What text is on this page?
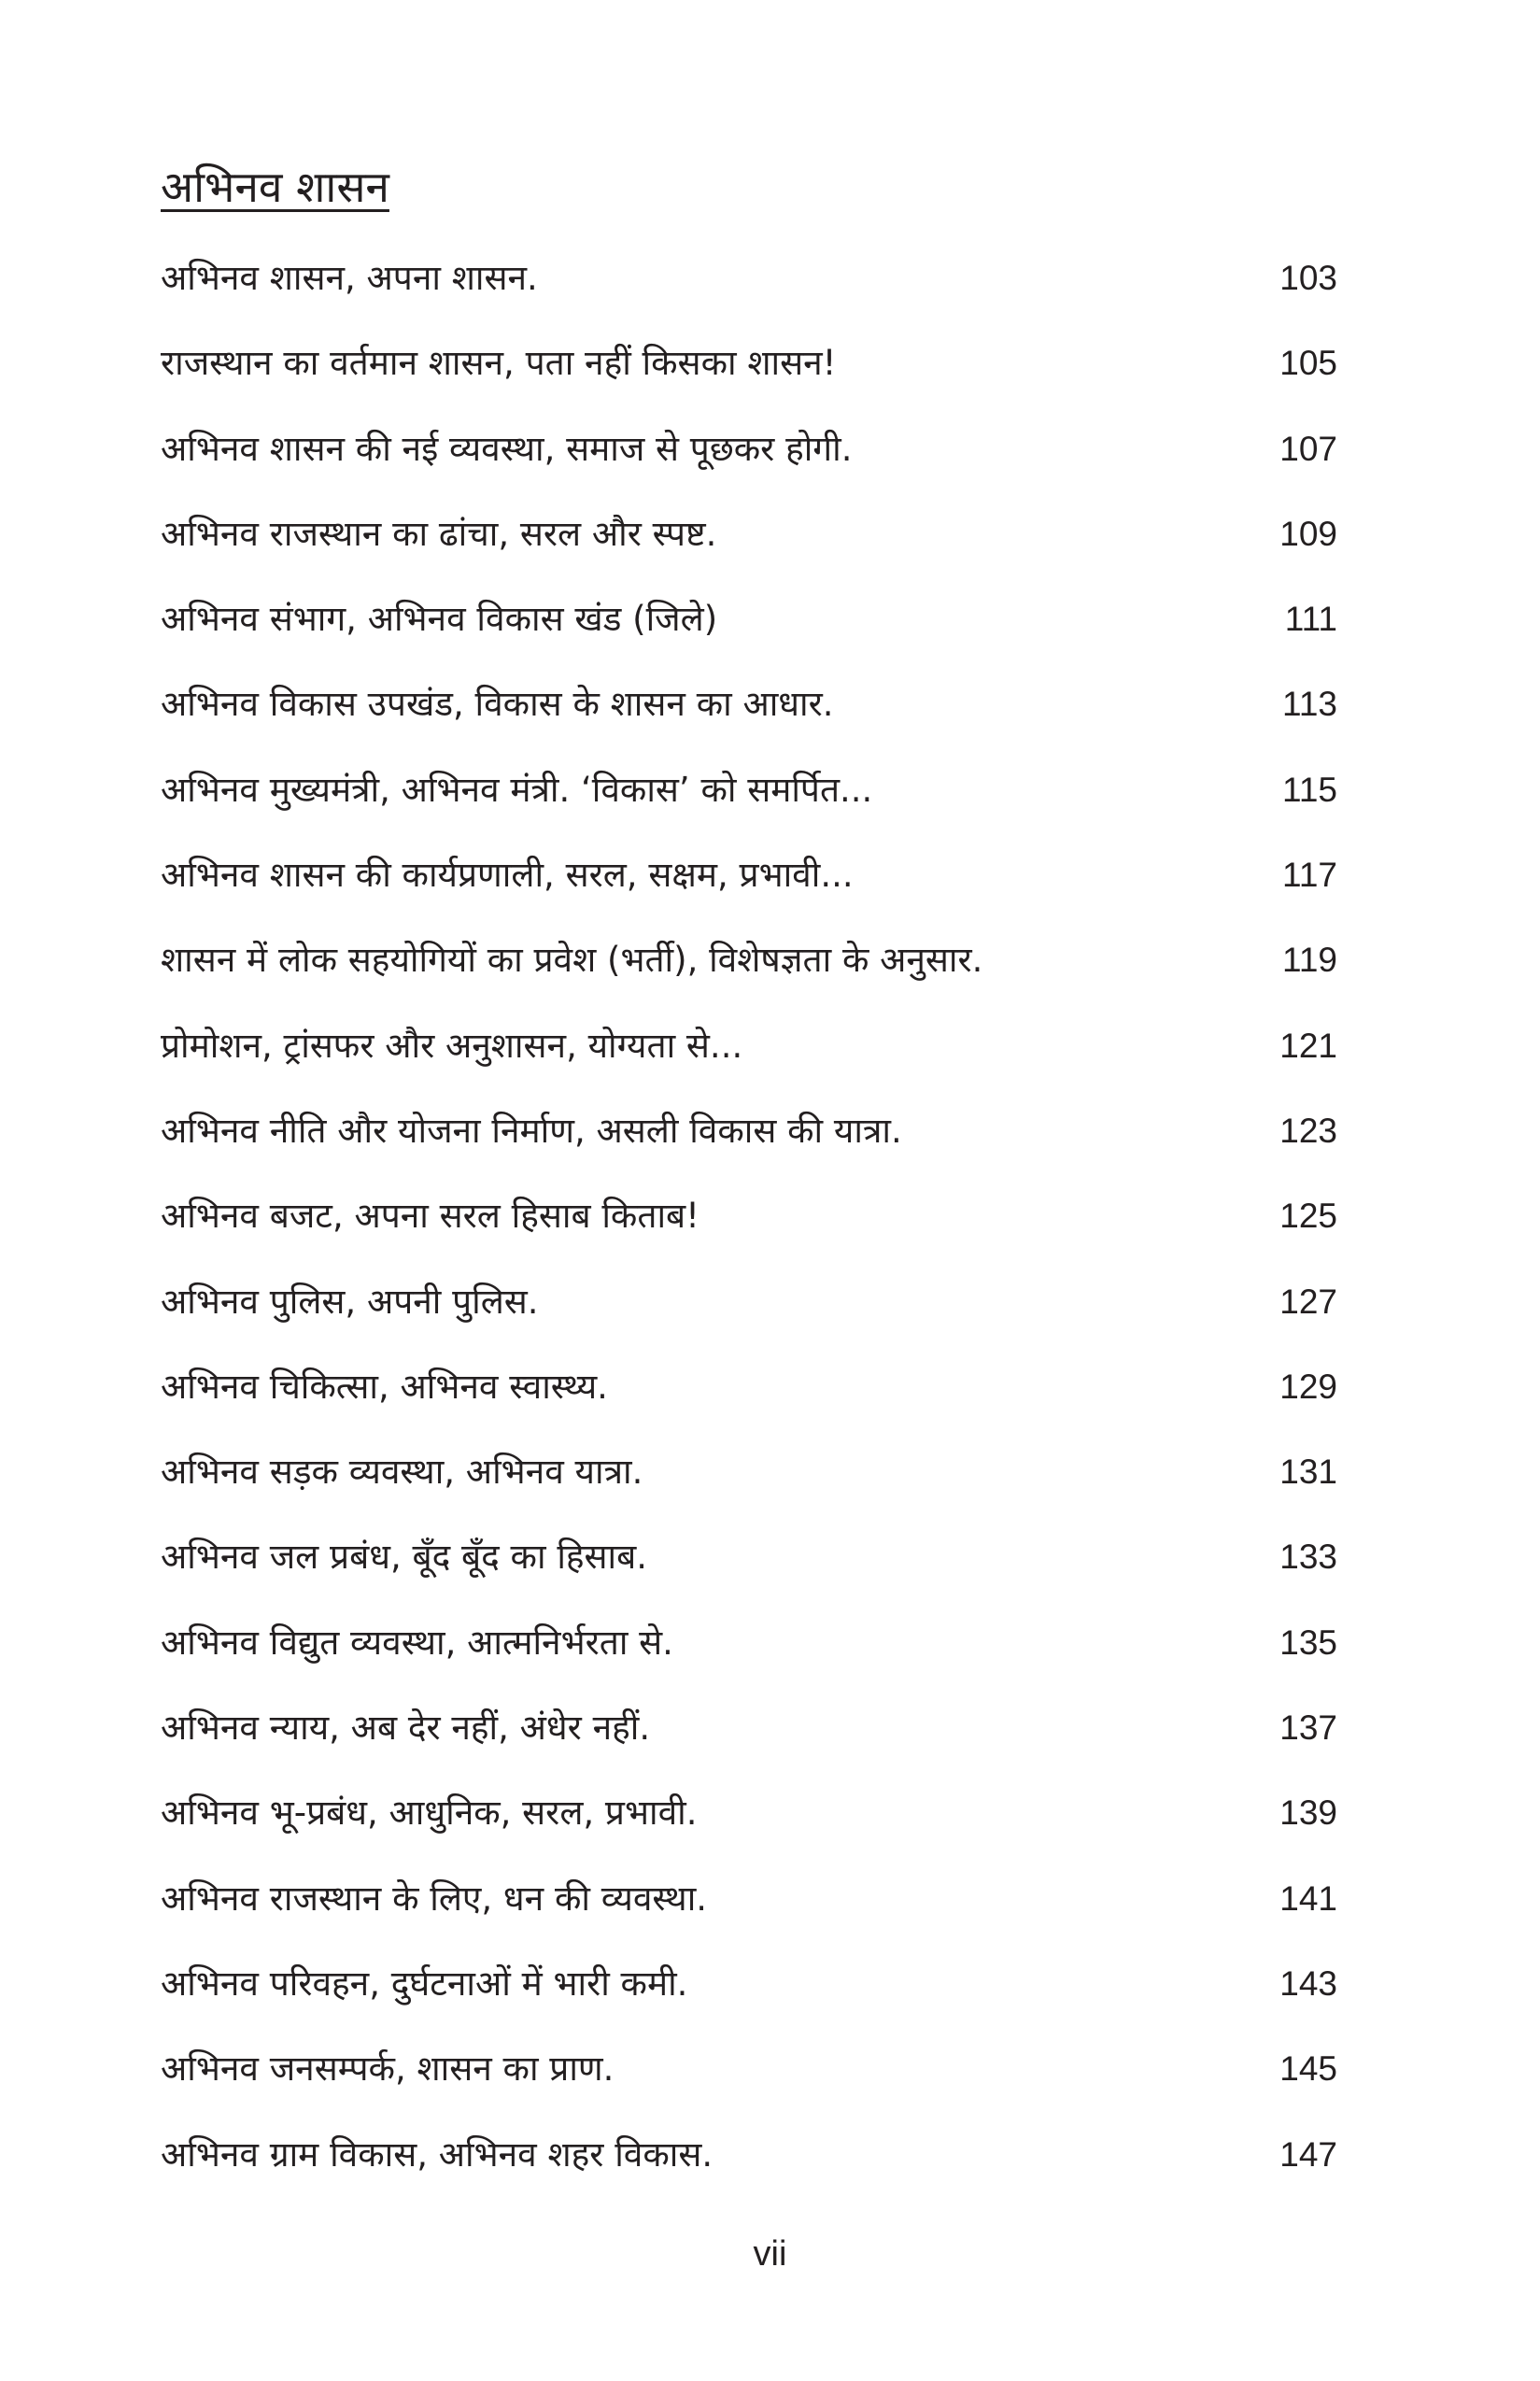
अभिनव शासन
अभिनव शासन, अपना शासन.	103
राजस्थान का वर्तमान शासन, पता नहीं किसका शासन!	105
अभिनव शासन की नई व्यवस्था, समाज से पूछकर होगी.	107
अभिनव राजस्थान का ढांचा, सरल और स्पष्ट.	109
अभिनव संभाग, अभिनव विकास खंड (जिले)	111
अभिनव विकास उपखंड, विकास के शासन का आधार.	113
अभिनव मुख्यमंत्री, अभिनव मंत्री. ‘विकास’ को समर्पित...	115
अभिनव शासन की कार्यप्रणाली, सरल, सक्षम, प्रभावी...	117
शासन में लोक सहयोगियों का प्रवेश (भर्ती), विशेषज्ञता के अनुसार.	119
प्रोमोशन, ट्रांसफर और अनुशासन, योग्यता से...	121
अभिनव नीति और योजना निर्माण, असली विकास की यात्रा.	123
अभिनव बजट, अपना सरल हिसाब किताब!	125
अभिनव पुलिस, अपनी पुलिस.	127
अभिनव चिकित्सा, अभिनव स्वास्थ्य.	129
अभिनव सड़क व्यवस्था, अभिनव यात्रा.	131
अभिनव जल प्रबंध, बूँद बूँद का हिसाब.	133
अभिनव विद्युत व्यवस्था, आत्मनिर्भरता से.	135
अभिनव न्याय, अब देर नहीं, अंधेर नहीं.	137
अभिनव भू-प्रबंध, आधुनिक, सरल, प्रभावी.	139
अभिनव राजस्थान के लिए, धन की व्यवस्था.	141
अभिनव परिवहन, दुर्घटनाओं में भारी कमी.	143
अभिनव जनसम्पर्क, शासन का प्राण.	145
अभिनव ग्राम विकास, अभिनव शहर विकास.	147
vii
